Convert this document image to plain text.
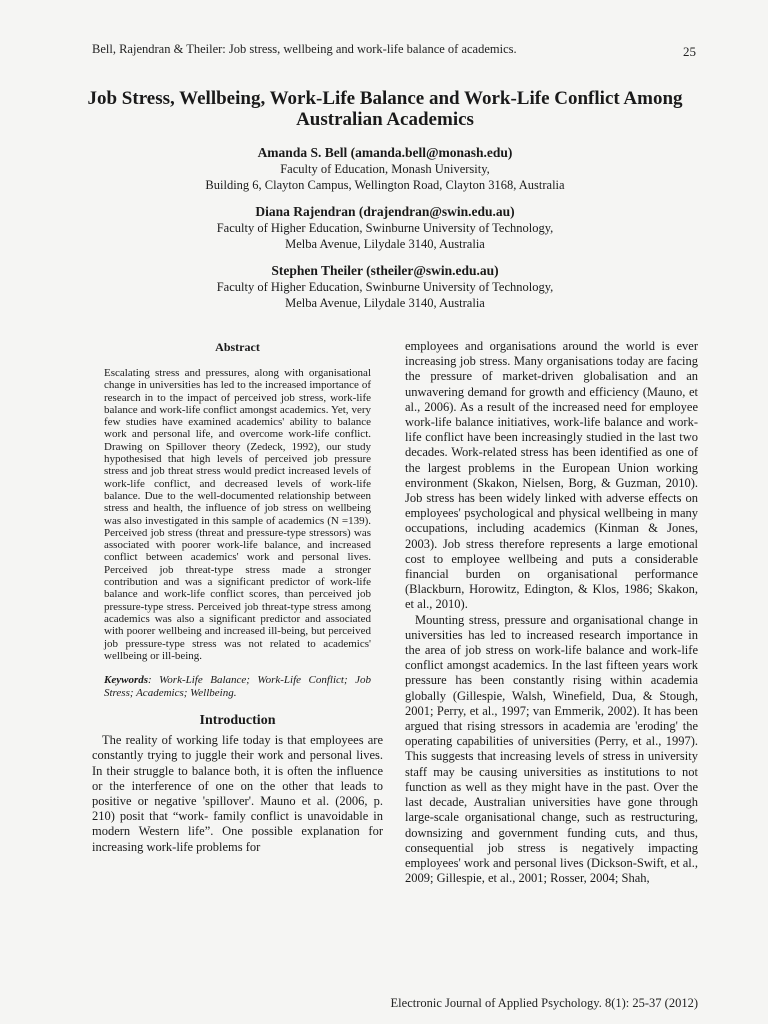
Bell, Rajendran & Theiler: Job stress, wellbeing and work-life balance of academics.	25
Job Stress, Wellbeing, Work-Life Balance and Work-Life Conflict Among Australian Academics
Amanda S. Bell (amanda.bell@monash.edu)
Faculty of Education, Monash University,
Building 6, Clayton Campus, Wellington Road, Clayton 3168, Australia
Diana Rajendran (drajendran@swin.edu.au)
Faculty of Higher Education, Swinburne University of Technology,
Melba Avenue, Lilydale 3140, Australia
Stephen Theiler (stheiler@swin.edu.au)
Faculty of Higher Education, Swinburne University of Technology,
Melba Avenue, Lilydale 3140, Australia
Abstract

Escalating stress and pressures, along with organisational change in universities has led to the increased importance of research in to the impact of perceived job stress, work-life balance and work-life conflict amongst academics. Yet, very few studies have examined academics' ability to balance work and personal life, and overcome work-life conflict. Drawing on Spillover theory (Zedeck, 1992), our study hypothesised that high levels of perceived job pressure stress and job threat stress would predict increased levels of work-life conflict, and decreased levels of work-life balance. Due to the well-documented relationship between stress and health, the influence of job stress on wellbeing was also investigated in this sample of academics (N =139). Perceived job stress (threat and pressure-type stressors) was associated with poorer work-life balance, and increased conflict between academics' work and personal lives. Perceived job threat-type stress made a stronger contribution and was a significant predictor of work-life balance and work-life conflict scores, than perceived job pressure-type stress. Perceived job threat-type stress among academics was also a significant predictor and associated with poorer wellbeing and increased ill-being, but perceived job pressure-type stress was not related to academics' wellbeing or ill-being.

Keywords: Work-Life Balance; Work-Life Conflict; Job Stress; Academics; Wellbeing.

Introduction

The reality of working life today is that employees are constantly trying to juggle their work and personal lives. In their struggle to balance both, it is often the influence or the interference of one on the other that leads to positive or negative 'spillover'. Mauno et al. (2006, p. 210) posit that “work- family conflict is unavoidable in modern Western life”. One possible explanation for increasing work-life problems for

employees and organisations around the world is ever increasing job stress. Many organisations today are facing the pressure of market-driven globalisation and an unwavering demand for growth and efficiency (Mauno, et al., 2006). As a result of the increased need for employee work-life balance initiatives, work-life balance and work-life conflict have been increasingly studied in the last two decades. Work-related stress has been identified as one of the largest problems in the European Union working environment (Skakon, Nielsen, Borg, & Guzman, 2010). Job stress has been widely linked with adverse effects on employees' psychological and physical wellbeing in many occupations, including academics (Kinman & Jones, 2003). Job stress therefore represents a large emotional cost to employee wellbeing and puts a considerable financial burden on organisational performance (Blackburn, Horowitz, Edington, & Klos, 1986; Skakon, et al., 2010).

Mounting stress, pressure and organisational change in universities has led to increased research importance in the area of job stress on work-life balance and work-life conflict amongst academics. In the last fifteen years work pressure has been constantly rising within academia globally (Gillespie, Walsh, Winefield, Dua, & Stough, 2001; Perry, et al., 1997; van Emmerik, 2002). It has been argued that rising stressors in academia are 'eroding' the operating capabilities of universities (Perry, et al., 1997). This suggests that increasing levels of stress in university staff may be causing universities as institutions to not function as well as they might have in the past. Over the last decade, Australian universities have gone through large-scale organisational change, such as restructuring, downsizing and government funding cuts, and thus, consequential job stress is negatively impacting employees' work and personal lives (Dickson-Swift, et al., 2009; Gillespie, et al., 2001; Rosser, 2004; Shah,

Electronic Journal of Applied Psychology. 8(1): 25-37 (2012)
